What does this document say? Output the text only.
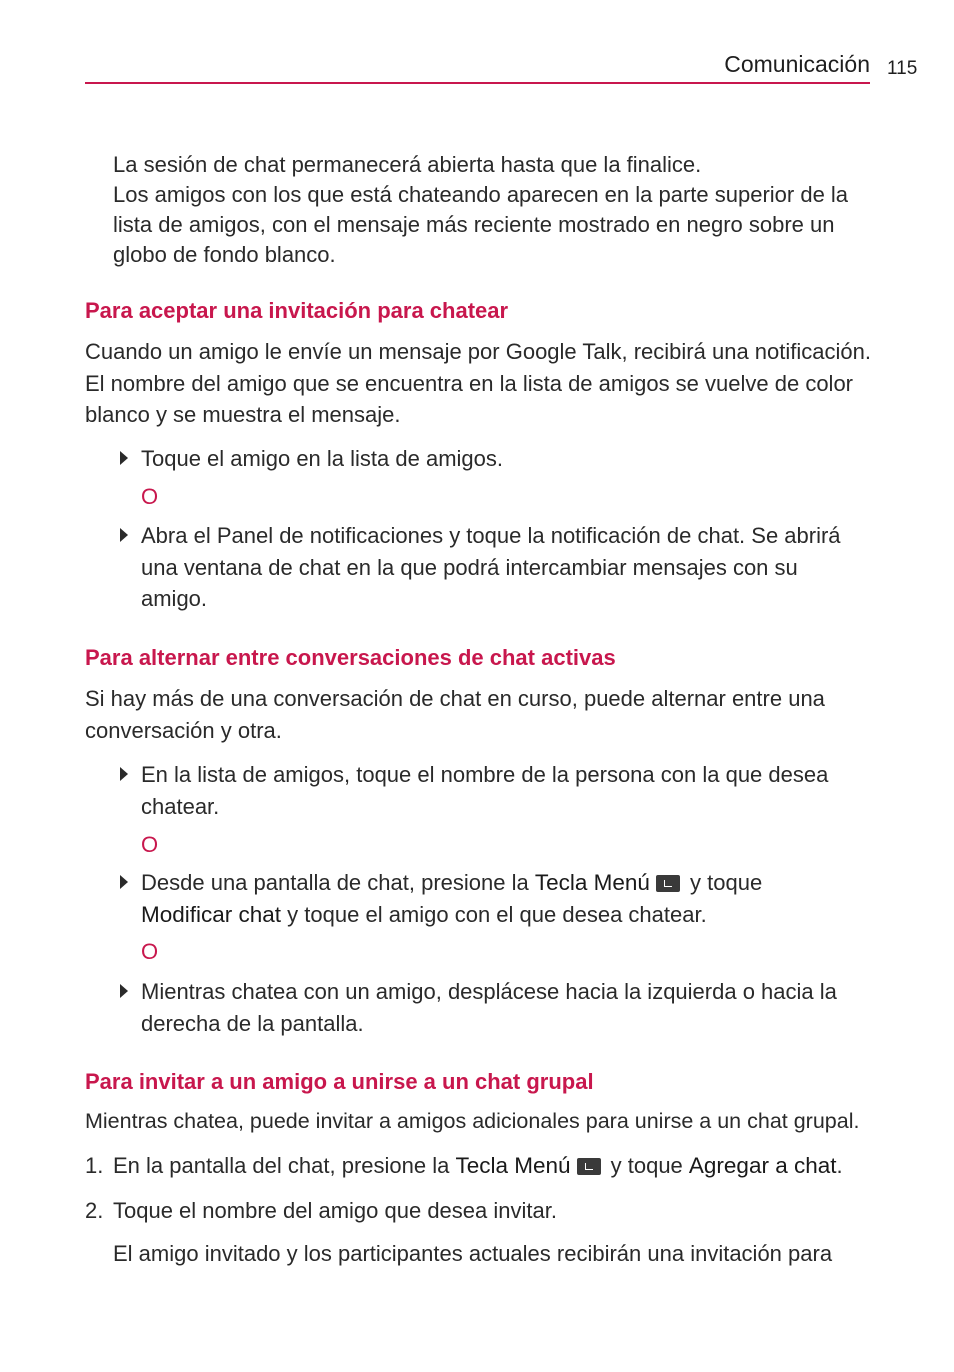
Comunicación 115

La sesión de chat permanecerá abierta hasta que la finalice.

Los amigos con los que está chateando aparecen en la parte superior de la lista de amigos, con el mensaje más reciente mostrado en negro sobre un globo de fondo blanco.

Para aceptar una invitación para chatear

Cuando un amigo le envíe un mensaje por Google Talk, recibirá una notificación. El nombre del amigo que se encuentra en la lista de amigos se vuelve de color blanco y se muestra el mensaje.

Toque el amigo en la lista de amigos.
O
Abra el Panel de notificaciones y toque la notificación de chat. Se abrirá una ventana de chat en la que podrá intercambiar mensajes con su amigo.
Para alternar entre conversaciones de chat activas

Si hay más de una conversación de chat en curso, puede alternar entre una conversación y otra.

En la lista de amigos, toque el nombre de la persona con la que desea chatear.
O
Desde una pantalla de chat, presione la Tecla Menú y toque
Modificar chat y toque el amigo con el que desea chatear.
O
Mientras chatea con un amigo, desplácese hacia la izquierda o hacia la derecha de la pantalla.
Para invitar a un amigo a unirse a un chat grupal

Mientras chatea, puede invitar a amigos adicionales para unirse a un chat grupal.

1. En la pantalla del chat, presione la Tecla Menú y toque Agregar a chat.
2. Toque el nombre del amigo que desea invitar.

El amigo invitado y los participantes actuales recibirán una invitación para
